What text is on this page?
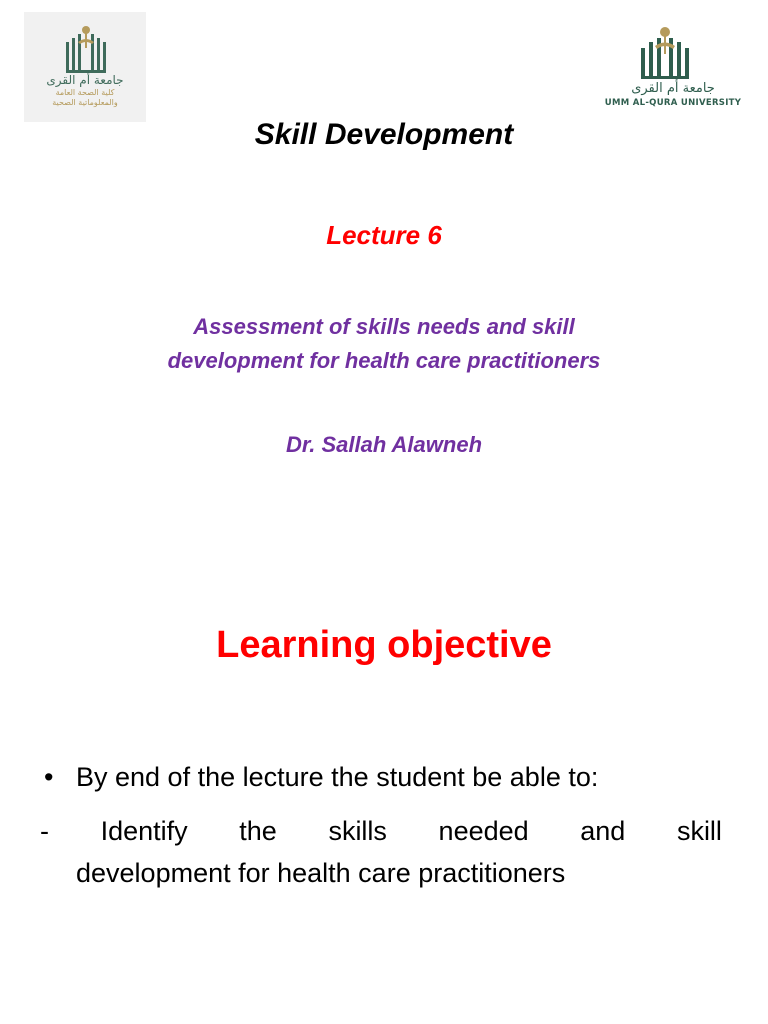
جامعة أم القرى
كلية الصحة العامة
والمعلوماتية الصحية
جامعة أم القرى
UMM AL-QURA UNIVERSITY
Skill Development
Lecture 6
Assessment of skills needs and skill
development for health care practitioners
Dr. Sallah Alawneh
Learning objective
• By end of the lecture the student be able to:
- Identify the skills needed and skill
development for health care practitioners
